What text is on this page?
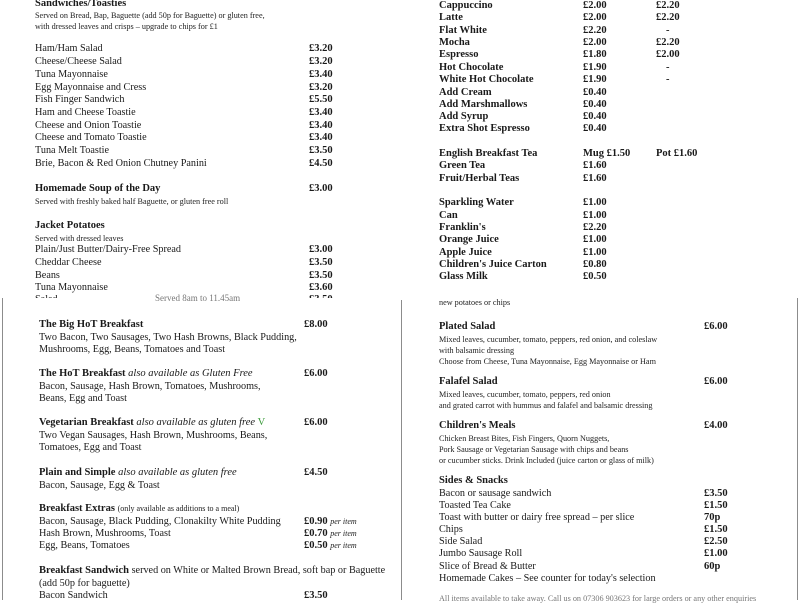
Sandwiches/Toasties
Served on Bread, Bap, Baguette (add 50p for Baguette) or gluten free,
with dressed leaves and crisps – upgrade to chips for £1
Ham/Ham Salad	£3.20
Cheese/Cheese Salad	£3.20
Tuna Mayonnaise	£3.40
Egg Mayonnaise and Cress	£3.20
Fish Finger Sandwich	£5.50
Ham and Cheese Toastie	£3.40
Cheese and Onion Toastie	£3.40
Cheese and Tomato Toastie	£3.40
Tuna Melt Toastie	£3.50
Brie, Bacon & Red Onion Chutney Panini	£4.50
Homemade Soup of the Day	£3.00
Served with freshly baked half Baguette, or gluten free roll
Jacket Potatoes
Served with dressed leaves
Plain/Just Butter/Dairy-Free Spread	£3.00
Cheddar Cheese	£3.50
Beans	£3.50
Tuna Mayonnaise	£3.60
Cappuccino	£2.00	£2.20
Latte	£2.00	£2.20
Flat White	£2.20	-
Mocha	£2.00	£2.20
Espresso	£1.80	£2.00
Hot Chocolate	£1.90	-
White Hot Chocolate	£1.90	-
Add Cream	£0.40
Add Marshmallows	£0.40
Add Syrup	£0.40
Extra Shot Espresso	£0.40
English Breakfast Tea	Mug £1.50 Pot £1.60
Green Tea	£1.60
Fruit/Herbal Teas	£1.60
Sparkling Water	£1.00
Can	£1.00
Franklin's	£2.20
Orange Juice	£1.00
Apple Juice	£1.00
Children's Juice Carton	£0.80
Glass Milk	£0.50
Served 8am to 11.45am
The Big HoT Breakfast	£8.00
Two Bacon, Two Sausages, Two Hash Browns, Black Pudding,
Mushrooms, Egg, Beans, Tomatoes and Toast
The HoT Breakfast also available as Gluten Free	£6.00
Bacon, Sausage, Hash Brown, Tomatoes, Mushrooms,
Beans, Egg and Toast
Vegetarian Breakfast also available as gluten free V	£6.00
Two Vegan Sausages, Hash Brown, Mushrooms, Beans,
Tomatoes, Egg and Toast
Plain and Simple also available as gluten free	£4.50
Bacon, Sausage, Egg & Toast
Breakfast Extras (only available as additions to a meal)
Bacon, Sausage, Black Pudding, Clonakilty White Pudding £0.90 per item
Hash Brown, Mushrooms, Toast	£0.70 per item
Egg, Beans, Tomatoes	£0.50 per item
Breakfast Sandwich served on White or Malted Brown Bread, soft bap or Baguette
(add 50p for baguette)
Bacon Sandwich	£3.50
new potatoes or chips
Plated Salad	£6.00
Mixed leaves, cucumber, tomato, peppers, red onion, and coleslaw
with balsamic dressing
Choose from Cheese, Tuna Mayonnaise, Egg Mayonnaise or Ham
Falafel Salad	£6.00
Mixed leaves, cucumber, tomato, peppers, red onion
and grated carrot with hummus and falafel and balsamic dressing
Children's Meals	£4.00
Chicken Breast Bites, Fish Fingers, Quorn Nuggets,
Pork Sausage or Vegetarian Sausage with chips and beans
or cucumber sticks. Drink Included (juice carton or glass of milk)
Sides & Snacks
Bacon or sausage sandwich	£3.50
Toasted Tea Cake	£1.50
Toast with butter or dairy free spread – per slice	70p
Chips	£1.50
Side Salad	£2.50
Jumbo Sausage Roll	£1.00
Slice of Bread & Butter	60p
Homemade Cakes – See counter for today's selection
All items available to take away. Call us on 07306 903623 for large orders or any other enquiries
